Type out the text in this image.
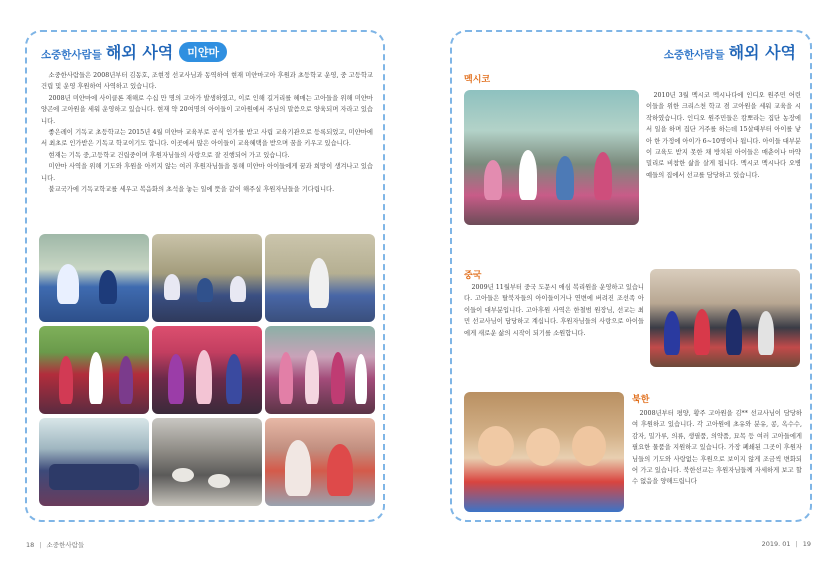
소중한사람들 해외 사역 미얀마

소중한사람들은 2008년부터 김동호, 조현정 선교사님과 동역하여 현재 미얀마고아 후원과 초등학교 운영, 중 고등학교 건립 및 운영 후원하여 사역하고 있습니다.

2008년 미얀마에 사이클론 재해로 수십 만 명의 고아가 발생하였고, 이로 인해 길거리를 헤매는 고아들을 위해 미얀마 양곤에 고아원을 세워 운영하고 있습니다. 현재 약 20여명의 아이들이 고아원에서 주님의 말씀으로 양육되며 자라고 있습니다.

좋은레이 기독교 초등학교는 2015년 4월 미얀마 교육부로 공식 인가를 받고 사립 교육기관으로 등록되었고, 미얀마에서 최초로 인가받은 기독교 학교이기도 합니다. 이곳에서 많은 아이들이 교육혜택을 받으며 꿈을 키우고 있습니다.

현재는 기독 중,고등학교 건립중이며 후원자님들의 사랑으로 잘 진행되어 가고 있습니다.

미얀마 사역을 위해 기도와 후원을 아끼지 않는 여러 후원자님들을 통해 미얀마 아이들에게 꿈과 희망이 생겨나고 있습니다.

불교국가에 기독교학교를 세우고 복음화의 초석을 놓는 일에 뜻을 같이 해주실 후원자님들을 기다립니다.

소중한사람들 해외 사역
멕시코

2010년 3월 멕시코 멕시나다에 인디오 원주민 어린이들을 위한 크리스천 학교 겸 고아원을 세워 교육을 시작하였습니다. 인디오 원주민들은 캄뽀라는 집단 농장에서 일을 하며 집단 거주를 하는데 15살때부터 아이를 낳아 한 가정에 아이가 6~10명이나 됩니다. 아이들 대부분이 교육도 받지 못한 채 방치된 아이들은 매춘이나 마약밀리로 비참한 삶을 살게 됩니다. 멕시코 멕시나다 오병예들의 집에서 선교를 담당하고 있습니다.

중국

2009년 11월부터 중국 도문시 애심 복리원을 운영하고 있습니다. 고아들은 탈북자들의 아이들이거나 연변에 버려진 조선족 아이들이 대부분입니다. 고아후원 사역은 한철범 원장님, 선교는 최민 선교사님이 담당하고 계십니다. 후원자님들의 사랑으로 아이들에게 새로운 삶의 시작이 되기를 소원합니다.

북한

2008년부터 평양, 황주 고아원을 김** 선교사님이 담당하여 후원하고 있습니다. 각 고아원에 초유와 분유, 콩, 옥수수, 감자, 밀가루, 의류, 생필품, 의약품, 묘목 등 여러 고아들에게 필요한 물품을 지원하고 있습니다. 가장 폐쇄된 그곳이 후원자님들의 기도와 사랑없는 후원으로 보이지 않게 조금씩 변화되어 가고 있습니다. 북한선교는 후원자님들께 자세하게 보고 할 수 없음을 양해드립니다

18 | 소중한사람들	2019. 01 | 19
